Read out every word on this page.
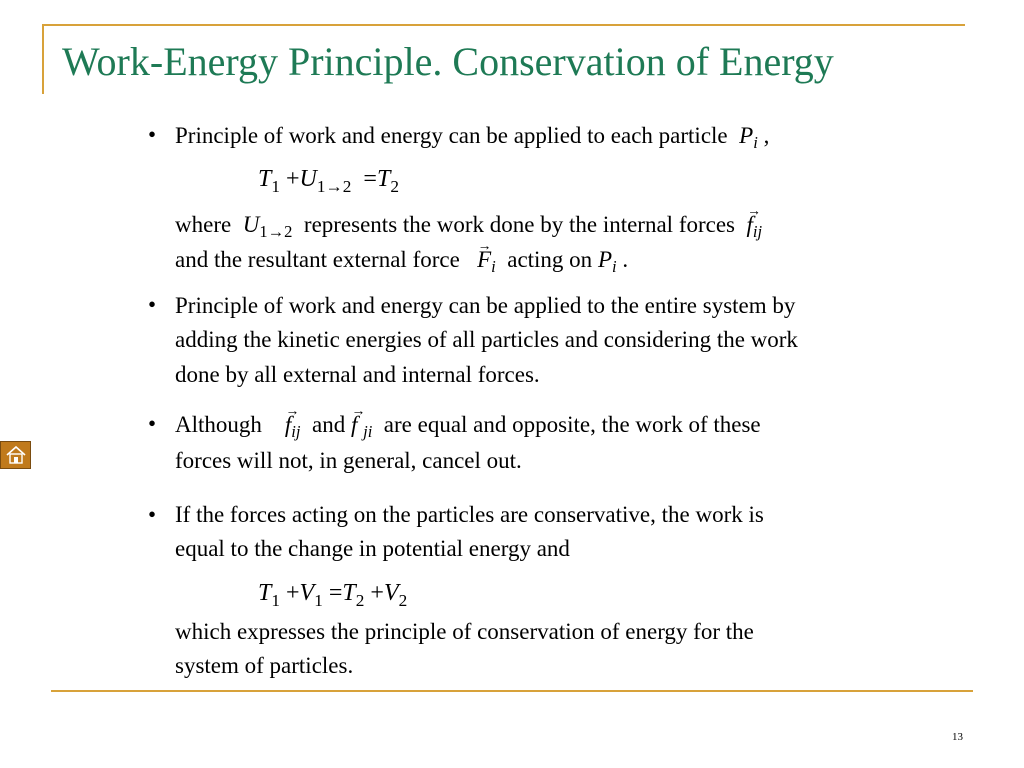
Work-Energy Principle. Conservation of Energy
• Principle of work and energy can be applied to each particle $P_i$ ,
$T_1 +U_{1\to 2} =T_2$
where $U_{1\to 2}$ represents the work done by the internal forces → $f_{ij}$
and the resultant external force → $F_i$ acting on $P_i$ .
• Principle of work and energy can be applied to the entire system by
adding the kinetic energies of all particles and considering the work
done by all external and internal forces.
• Although → $f_{ij}$ and → f $_{ji}$ are equal and opposite, the work of these
forces will not, in general, cancel out.
• If the forces acting on the particles are conservative, the work is
equal to the change in potential energy and
$T_1 +V_1 =T_2 +V_2$
which expresses the principle of conservation of energy for the
system of particles.
13
